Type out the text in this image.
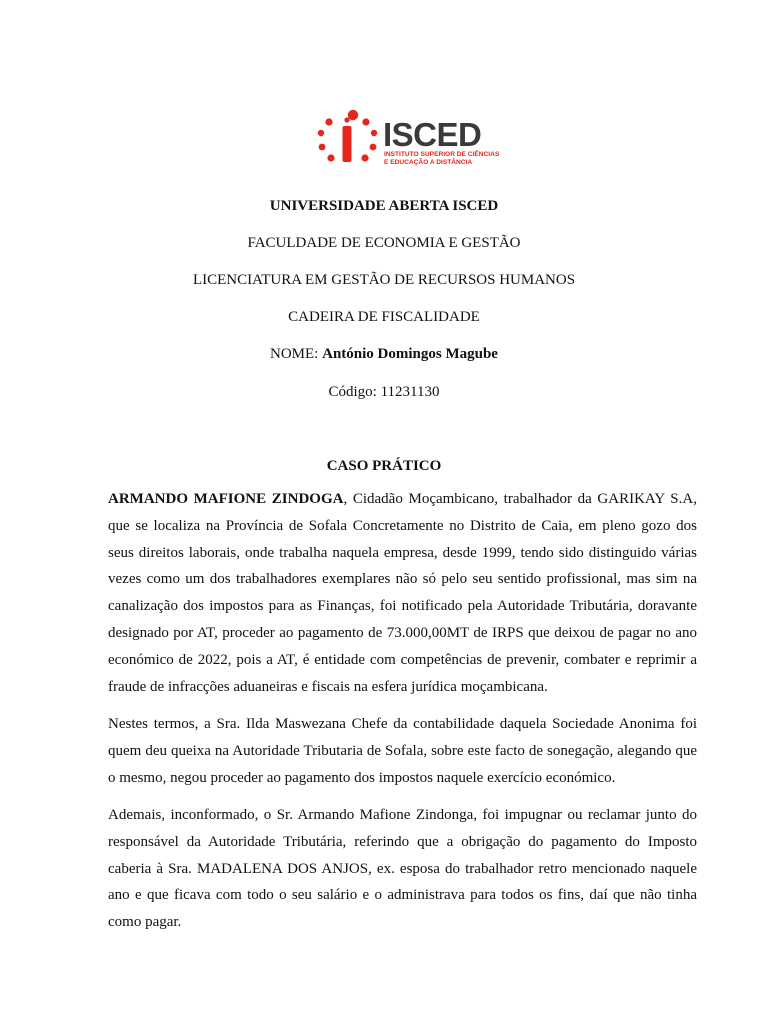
ISCED
INSTITUTO SUPERIOR DE CIÊNCIAS
E EDUCAÇÃO A DISTÂNCIA
UNIVERSIDADE ABERTA ISCED
FACULDADE DE ECONOMIA E GESTÃO
LICENCIATURA EM GESTÃO DE RECURSOS HUMANOS
CADEIRA DE FISCALIDADE
NOME: António Domingos Magube
Código: 11231130
CASO PRÁTICO

ARMANDO MAFIONE ZINDOGA, Cidadão Moçambicano, trabalhador da GARIKAY S.A, que se localiza na Província de Sofala Concretamente no Distrito de Caia, em pleno gozo dos seus direitos laborais, onde trabalha naquela empresa, desde 1999, tendo sido distinguido várias vezes como um dos trabalhadores exemplares não só pelo seu sentido profissional, mas sim na canalização dos impostos para as Finanças, foi notificado pela Autoridade Tributária, doravante designado por AT, proceder ao pagamento de 73.000,00MT de IRPS que deixou de pagar no ano económico de 2022, pois a AT, é entidade com competências de prevenir, combater e reprimir a fraude de infracções aduaneiras e fiscais na esfera jurídica moçambicana.

Nestes termos, a Sra. Ilda Maswezana Chefe da contabilidade daquela Sociedade Anonima foi quem deu queixa na Autoridade Tributaria de Sofala, sobre este facto de sonegação, alegando que o mesmo, negou proceder ao pagamento dos impostos naquele exercício económico.

Ademais, inconformado, o Sr. Armando Mafione Zindonga, foi impugnar ou reclamar junto do responsável da Autoridade Tributária, referindo que a obrigação do pagamento do Imposto caberia à Sra. MADALENA DOS ANJOS, ex. esposa do trabalhador retro mencionado naquele ano e que ficava com todo o seu salário e o administrava para todos os fins, daí que não tinha como pagar.
